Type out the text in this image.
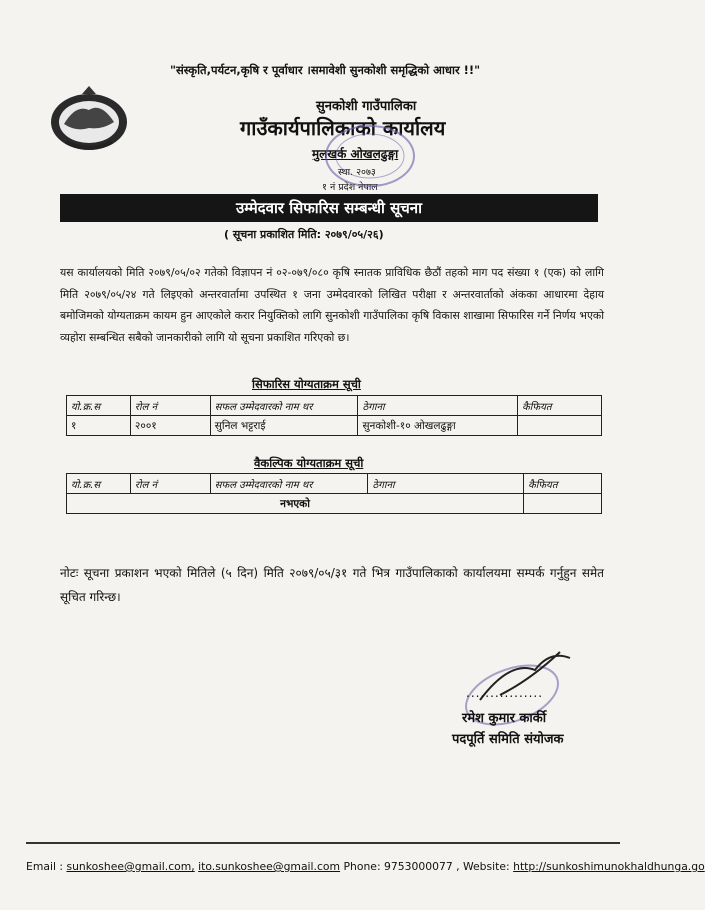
"संस्कृति,पर्यटन,कृषि र पूर्वाधार ।समावेशी सुनकोशी समृद्धिको आधार !!"
सुनकोशी गाउँपालिका
गाउँकार्यपालिकाको कार्यालय
मुलखर्क ओखलढुङ्गा
स्था. २०७३
१ नं प्रदेश नेपाल
उम्मेदवार सिफारिस सम्बन्धी सूचना
( सूचना प्रकाशित मिति: २०७९/०५/२६)
यस कार्यालयको मिति २०७९/०५/०२ गतेको विज्ञापन नं ०२-०७९/०८० कृषि स्नातक प्राविधिक छैठौं तहको माग पद संख्या १ (एक) को लागि मिति २०७९/०५/२४ गते लिइएको अन्तरवार्तामा उपस्थित १ जना उम्मेदवारको लिखित परीक्षा र अन्तरवार्ताको अंकका आधारमा देहाय बमोजिमको योग्यताक्रम कायम हुन आएकोले करार नियुक्तिको लागि सुनकोशी गाउँपालिका कृषि विकास शाखामा सिफारिस गर्ने निर्णय भएको व्यहोरा सम्बन्धित सबैको जानकारीको लागि यो सूचना प्रकाशित गरिएको छ।
सिफारिस योग्यताक्रम सूची
यो.क्र.स	रोल नं	सफल उम्मेदवारको नाम थर	ठेगाना	कैफियत
१	२००१	सुनिल भट्टराई	सुनकोशी-१० ओखलढुङ्गा	
वैकल्पिक योग्यताक्रम सूची
यो.क्र.स	रोल नं	सफल उम्मेदवारको नाम थर	ठेगाना	कैफियत
नभएको				
नोटः सूचना प्रकाशन भएको मितिले (५ दिन) मिति २०७९/०५/३१ गते भित्र गाउँपालिकाको कार्यालयमा सम्पर्क गर्नुहुन समेत सूचित गरिन्छ।
................
रमेश कुमार कार्की
पदपूर्ति समिति संयोजक
Email : sunkoshee@gmail.com, ito.sunkoshee@gmail.com Phone: 9753000077 , Website: http://sunkoshimunokhaldhunga.go
